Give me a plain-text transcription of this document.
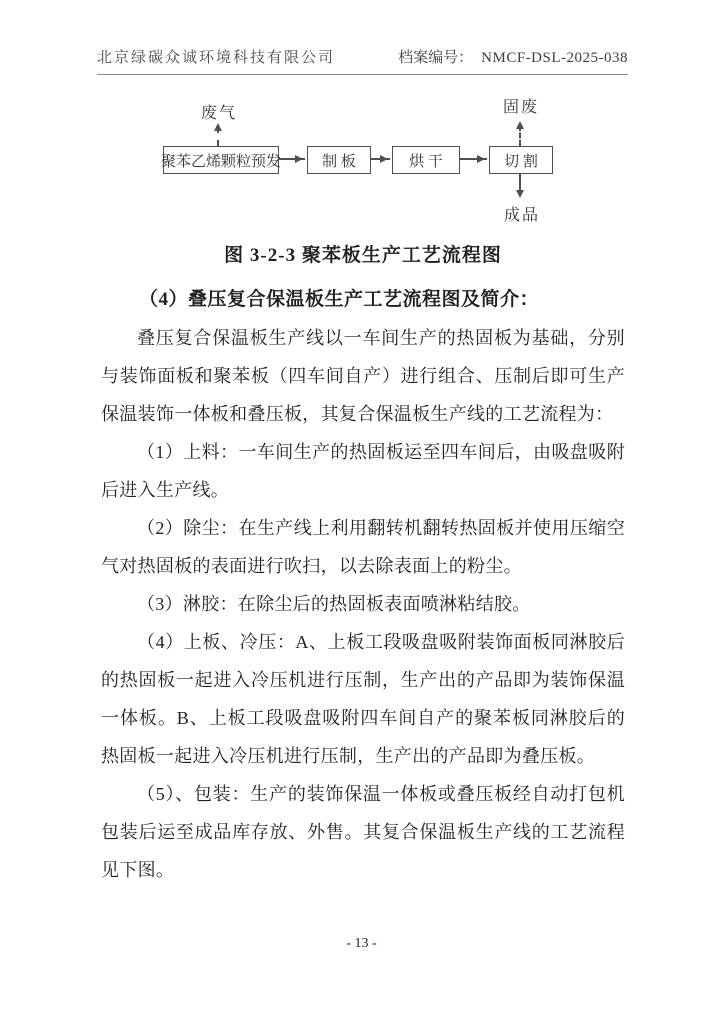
北京绿碳众诚环境科技有限公司	档案编号： NMCF-DSL-2025-038
废气	固废
成品
聚苯乙烯颗粒预发	制 板	烘 干	切 割

图 3-2-3 聚苯板生产工艺流程图

（4）叠压复合保温板生产工艺流程图及简介：

叠压复合保温板生产线以一车间生产的热固板为基础，分别与装饰面板和聚苯板（四车间自产）进行组合、压制后即可生产保温装饰一体板和叠压板，其复合保温板生产线的工艺流程为：

（1）上料：一车间生产的热固板运至四车间后，由吸盘吸附后进入生产线。

（2）除尘：在生产线上利用翻转机翻转热固板并使用压缩空气对热固板的表面进行吹扫，以去除表面上的粉尘。

（3）淋胶：在除尘后的热固板表面喷淋粘结胶。

（4）上板、冷压：A、上板工段吸盘吸附装饰面板同淋胶后的热固板一起进入冷压机进行压制，生产出的产品即为装饰保温一体板。B、上板工段吸盘吸附四车间自产的聚苯板同淋胶后的热固板一起进入冷压机进行压制，生产出的产品即为叠压板。

（5）、包装：生产的装饰保温一体板或叠压板经自动打包机包装后运至成品库存放、外售。其复合保温板生产线的工艺流程见下图。

- 13 -
